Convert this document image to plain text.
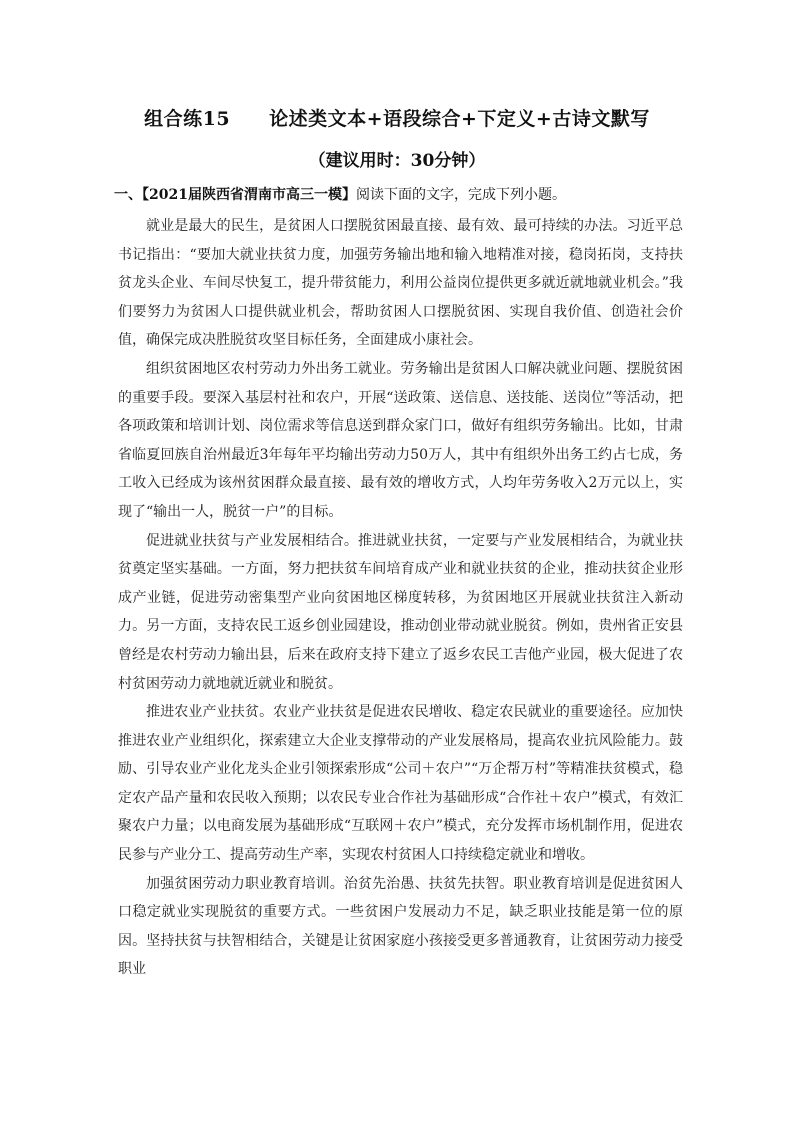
组合练15　　论述类文本+语段综合+下定义+古诗文默写
（建议用时：30分钟）
一、【2021届陕西省渭南市高三一模】阅读下面的文字，完成下列小题。

就业是最大的民生，是贫困人口摆脱贫困最直接、最有效、最可持续的办法。习近平总书记指出：“要加大就业扶贫力度，加强劳务输出地和输入地精准对接，稳岗拓岗，支持扶贫龙头企业、车间尽快复工，提升带贫能力，利用公益岗位提供更多就近就地就业机会。”我们要努力为贫困人口提供就业机会，帮助贫困人口摆脱贫困、实现自我价值、创造社会价值，确保完成决胜脱贫攻坚目标任务，全面建成小康社会。

组织贫困地区农村劳动力外出务工就业。劳务输出是贫困人口解决就业问题、摆脱贫困的重要手段。要深入基层村社和农户，开展“送政策、送信息、送技能、送岗位”等活动，把各项政策和培训计划、岗位需求等信息送到群众家门口，做好有组织劳务输出。比如，甘肃省临夏回族自治州最近3年每年平均输出劳动力50万人，其中有组织外出务工约占七成，务工收入已经成为该州贫困群众最直接、最有效的增收方式，人均年劳务收入2万元以上，实现了“输出一人，脱贫一户”的目标。

促进就业扶贫与产业发展相结合。推进就业扶贫，一定要与产业发展相结合，为就业扶贫奠定坚实基础。一方面，努力把扶贫车间培育成产业和就业扶贫的企业，推动扶贫企业形成产业链，促进劳动密集型产业向贫困地区梯度转移，为贫困地区开展就业扶贫注入新动力。另一方面，支持农民工返乡创业园建设，推动创业带动就业脱贫。例如，贵州省正安县曾经是农村劳动力输出县，后来在政府支持下建立了返乡农民工吉他产业园，极大促进了农村贫困劳动力就地就近就业和脱贫。

推进农业产业扶贫。农业产业扶贫是促进农民增收、稳定农民就业的重要途径。应加快推进农业产业组织化，探索建立大企业支撑带动的产业发展格局，提高农业抗风险能力。鼓励、引导农业产业化龙头企业引领探索形成“公司＋农户”“万企帮万村”等精准扶贫模式，稳定农产品产量和农民收入预期；以农民专业合作社为基础形成“合作社＋农户”模式，有效汇聚农户力量；以电商发展为基础形成“互联网＋农户”模式，充分发挥市场机制作用，促进农民参与产业分工、提高劳动生产率，实现农村贫困人口持续稳定就业和增收。

加强贫困劳动力职业教育培训。治贫先治愚、扶贫先扶智。职业教育培训是促进贫困人口稳定就业实现脱贫的重要方式。一些贫困户发展动力不足，缺乏职业技能是第一位的原因。坚持扶贫与扶智相结合，关键是让贫困家庭小孩接受更多普通教育，让贫困劳动力接受职业
